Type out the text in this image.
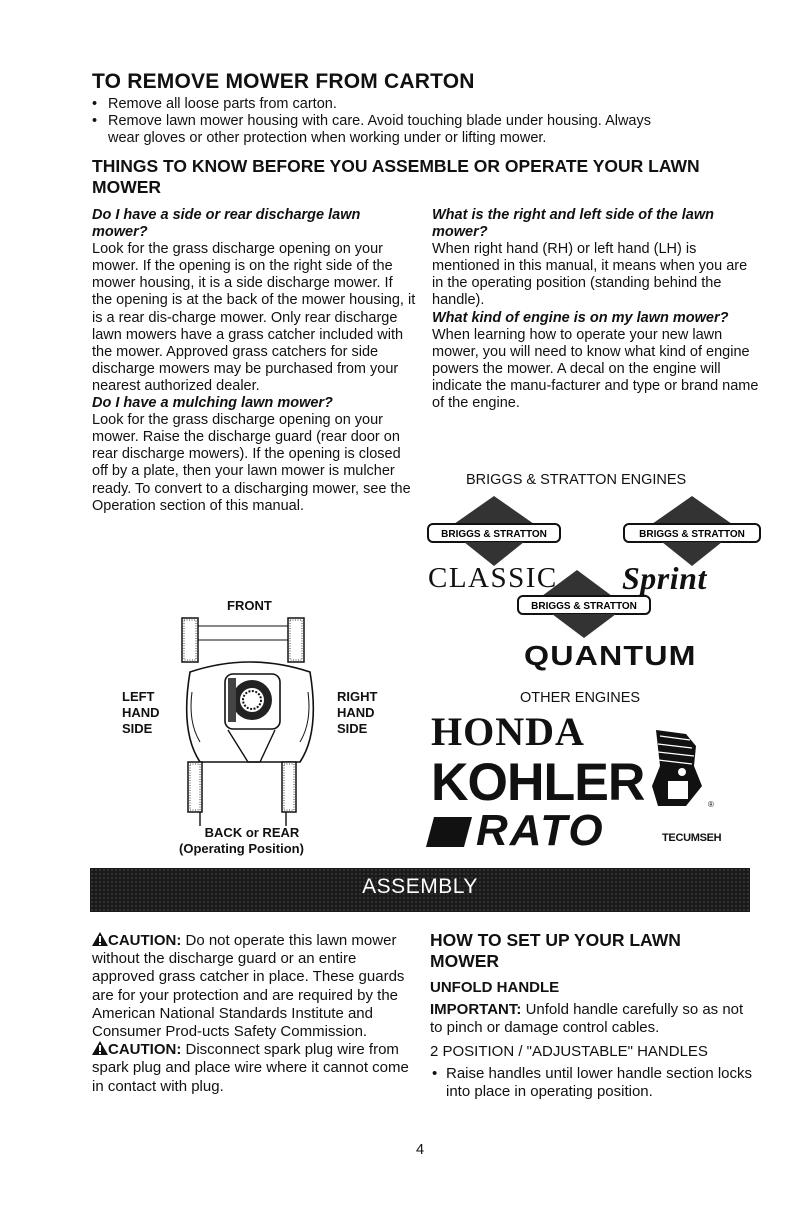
TO REMOVE MOWER FROM CARTON
• Remove all loose parts from carton.
• Remove lawn mower housing with care. Avoid touching blade under housing. Always
wear gloves or other protection when working under or lifting mower.
THINGS TO KNOW BEFORE YOU ASSEMBLE OR OPERATE YOUR LAWN MOWER

Do I have a side or rear discharge lawn mower?

Look for the grass discharge opening on your mower. If the opening is on the right side of the mower housing, it is a side discharge mower. If the opening is at the back of the mower housing, it is a rear dis-charge mower. Only rear discharge lawn mowers have a grass catcher included with the mower. Approved grass catchers for side discharge mowers may be purchased from your nearest authorized dealer.

Do I have a mulching lawn mower?

Look for the grass discharge opening on your mower. Raise the discharge guard (rear door on rear discharge mowers). If the opening is closed off by a plate, then your lawn mower is mulcher ready. To convert to a discharging mower, see the Operation section of this manual.

What is the right and left side of the lawn mower?

When right hand (RH) or left hand (LH) is mentioned in this manual, it means when you are in the operating position (standing behind the handle).

What kind of engine is on my lawn mower?

When learning how to operate your new lawn mower, you will need to know what kind of engine powers the mower. A decal on the engine will indicate the manu-facturer and type or brand name of the engine.

FRONT
LEFT
HAND
SIDE
RIGHT
HAND
SIDE
BACK or REAR
(Operating Position)
BRIGGS & STRATTON ENGINES
BRIGGS & STRATTON	BRIGGS & STRATTON
CLASSIC Sprint
BRIGGS & STRATTON
QUANTUM
OTHER ENGINES
HONDA
KOHLER
RATO
®
TECUMSEH
ASSEMBLY

CAUTION: Do not operate this lawn mower without the discharge guard or an entire approved grass catcher in place. These guards are for your protection and are required by the American National Standards Institute and Consumer Prod-ucts Safety Commission.

CAUTION: Disconnect spark plug wire from spark plug and place wire where it cannot come in contact with plug.

HOW TO SET UP YOUR LAWN MOWER

UNFOLD HANDLE

IMPORTANT: Unfold handle carefully so as not to pinch or damage control cables.

2 POSITION / "ADJUSTABLE" HANDLES

• Raise handles until lower handle section locks into place in operating position.
4
